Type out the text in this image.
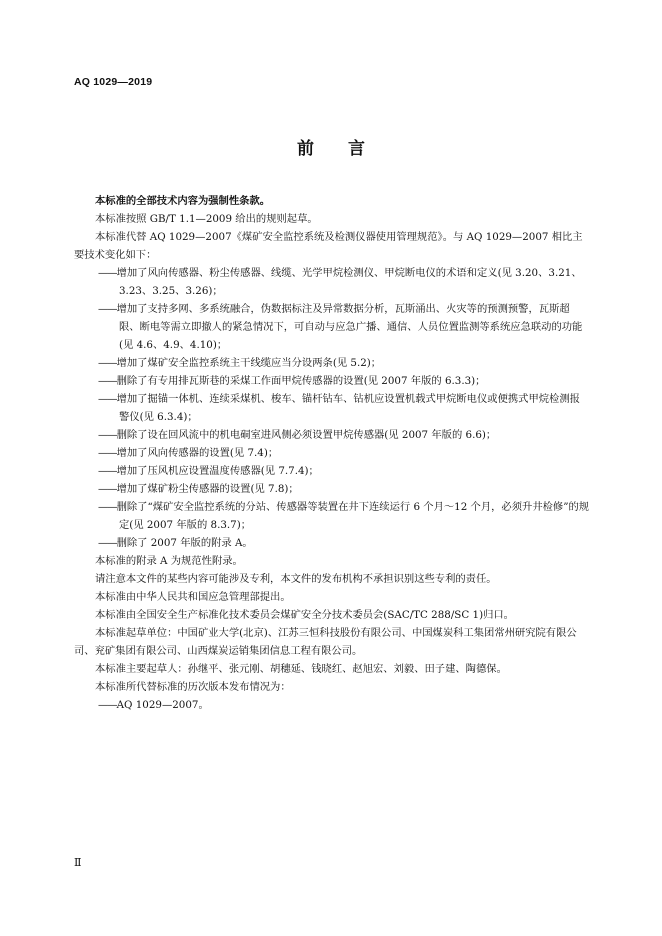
AQ 1029—2019
前言

本标准的全部技术内容为强制性条款。

本标准按照 GB/T 1.1—2009 给出的规则起草。

本标准代替 AQ 1029—2007《煤矿安全监控系统及检测仪器使用管理规范》。与 AQ 1029—2007 相比主要技术变化如下：

——增加了风向传感器、粉尘传感器、线缆、光学甲烷检测仪、甲烷断电仪的术语和定义(见 3.20、3.21、3.23、3.25、3.26)；

——增加了支持多网、多系统融合，伪数据标注及异常数据分析，瓦斯涌出、火灾等的预测预警，瓦斯超限、断电等需立即撤人的紧急情况下，可自动与应急广播、通信、人员位置监测等系统应急联动的功能(见 4.6、4.9、4.10)；

——增加了煤矿安全监控系统主干线缆应当分设两条(见 5.2)；

——删除了有专用排瓦斯巷的采煤工作面甲烷传感器的设置(见 2007 年版的 6.3.3)；

——增加了掘锚一体机、连续采煤机、梭车、锚杆钻车、钻机应设置机载式甲烷断电仪或便携式甲烷检测报警仪(见 6.3.4)；

——删除了设在回风流中的机电硐室进风侧必须设置甲烷传感器(见 2007 年版的 6.6)；

——增加了风向传感器的设置(见 7.4)；

——增加了压风机应设置温度传感器(见 7.7.4)；

——增加了煤矿粉尘传感器的设置(见 7.8)；

——删除了“煤矿安全监控系统的分站、传感器等装置在井下连续运行 6 个月～12 个月，必须升井检修”的规定(见 2007 年版的 8.3.7)；

——删除了 2007 年版的附录 A。

本标准的附录 A 为规范性附录。

请注意本文件的某些内容可能涉及专利，本文件的发布机构不承担识别这些专利的责任。

本标准由中华人民共和国应急管理部提出。

本标准由全国安全生产标准化技术委员会煤矿安全分技术委员会(SAC/TC 288/SC 1)归口。

本标准起草单位：中国矿业大学(北京)、江苏三恒科技股份有限公司、中国煤炭科工集团常州研究院有限公司、兖矿集团有限公司、山西煤炭运销集团信息工程有限公司。

本标准主要起草人：孙继平、张元刚、胡穗延、钱晓红、赵旭宏、刘毅、田子建、陶德保。

本标准所代替标准的历次版本发布情况为：

——AQ 1029—2007。

Ⅱ
